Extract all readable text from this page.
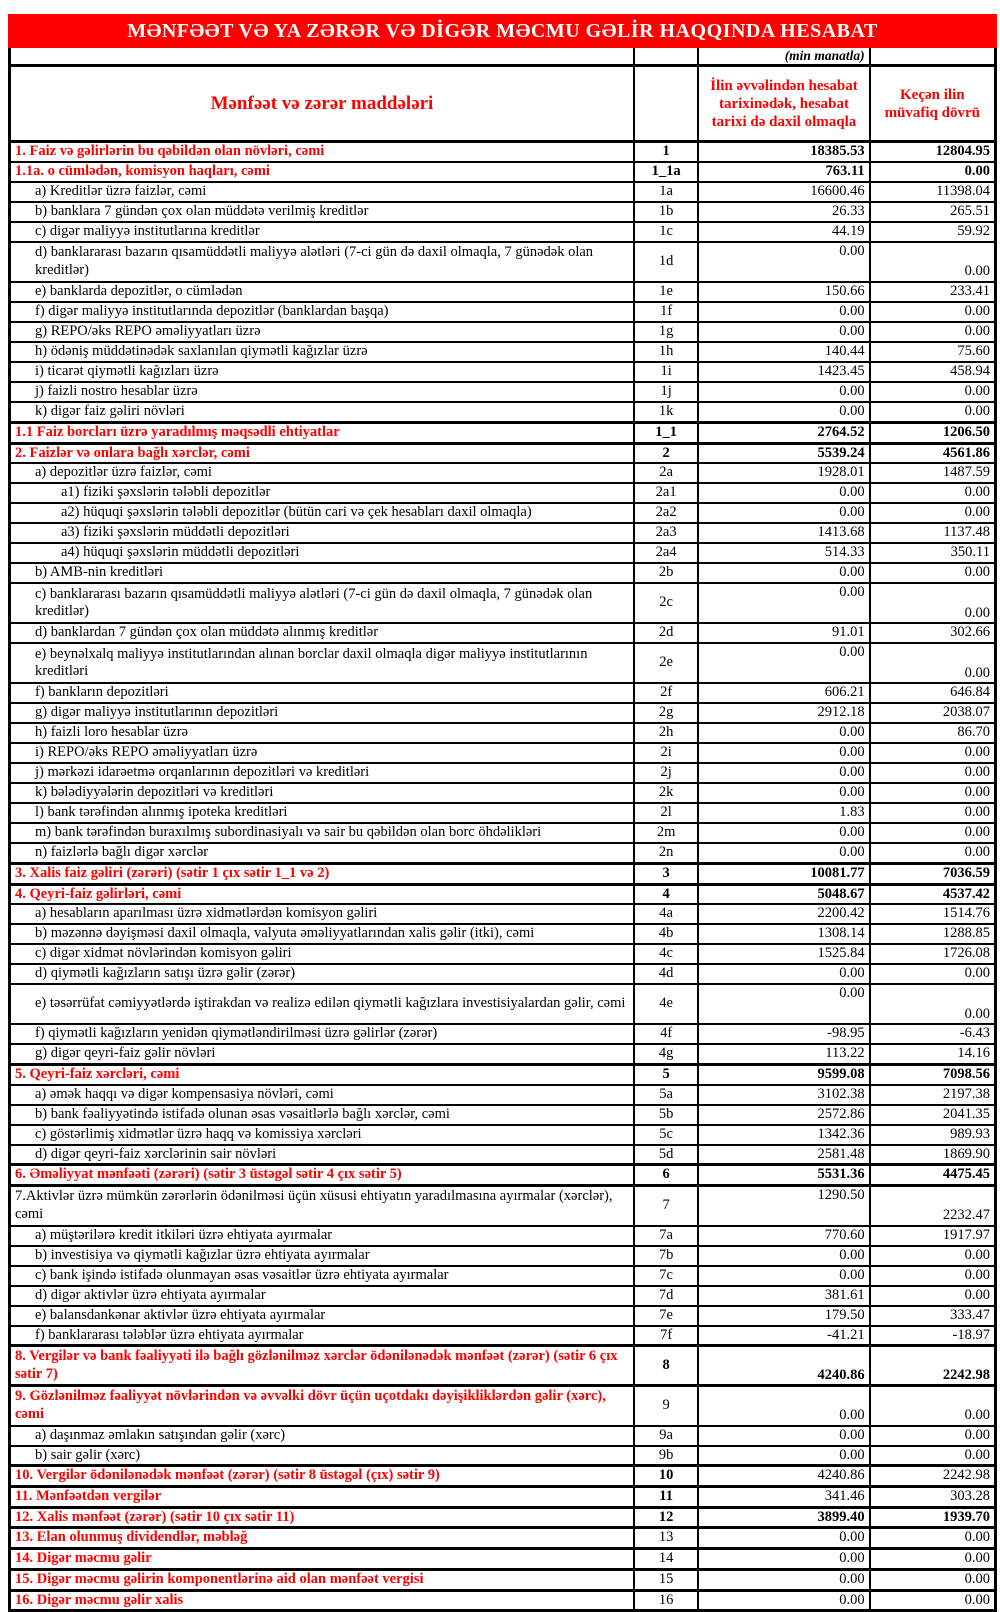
MƏNFƏƏT VƏ YA ZƏRƏR VƏ DİGƏR MƏCMU GƏLİR HAQQINDA HESABAT
		(min manatla)	
Mənfəət və zərər maddələri		İlin əvvəlindən hesabat tarixinədək, hesabat tarixi də daxil olmaqla	Keçən ilin müvafiq dövrü
1. Faiz və gəlirlərin bu qəbildən olan növləri, cəmi	1	18385.53	12804.95
1.1a. o cümlədən, komisyon haqları, cəmi	1_1a	763.11	0.00
a) Kreditlər üzrə faizlər, cəmi	1a	16600.46	11398.04
b) banklara 7 gündən çox olan müddətə verilmiş kreditlər	1b	26.33	265.51
c) digər maliyyə institutlarına kreditlər	1c	44.19	59.92
d) banklararası bazarın qısamüddətli maliyyə alətləri (7-ci gün də daxil olmaqla, 7 günədək olan kreditlər)	1d	0.00	0.00
e) banklarda depozitlər, o cümlədən	1e	150.66	233.41
f) digər maliyyə institutlarında depozitlər (banklardan başqa)	1f	0.00	0.00
g) REPO/əks REPO əməliyyatları üzrə	1g	0.00	0.00
h) ödəniş müddətinədək saxlanılan qiymətli kağızlar üzrə	1h	140.44	75.60
i) ticarət qiymətli kağızları üzrə	1i	1423.45	458.94
j) faizli nostro hesablar üzrə	1j	0.00	0.00
k) digər faiz gəliri növləri	1k	0.00	0.00
1.1 Faiz borcları üzrə yaradılmış məqsədli ehtiyatlar	1_1	2764.52	1206.50
2. Faizlər və onlara bağlı xərclər, cəmi	2	5539.24	4561.86
a) depozitlər üzrə faizlər, cəmi	2a	1928.01	1487.59
a1) fiziki şəxslərin tələbli depozitlər	2a1	0.00	0.00
a2) hüquqi şəxslərin tələbli depozitlər (bütün cari və çek hesabları daxil olmaqla)	2a2	0.00	0.00
a3) fiziki şəxslərin müddətli depozitləri	2a3	1413.68	1137.48
a4) hüquqi şəxslərin müddətli depozitləri	2a4	514.33	350.11
b) AMB-nin kreditləri	2b	0.00	0.00
c) banklararası bazarın qısamüddətli maliyyə alətləri (7-ci gün də daxil olmaqla, 7 günədək olan kreditlər)	2c	0.00	0.00
d) banklardan 7 gündən çox olan müddətə alınmış kreditlər	2d	91.01	302.66
e) beynəlxalq maliyyə institutlarından alınan borclar daxil olmaqla digər maliyyə institutlarının kreditləri	2e	0.00	0.00
f) bankların depozitləri	2f	606.21	646.84
g) digər maliyyə institutlarının depozitləri	2g	2912.18	2038.07
h) faizli loro hesablar üzrə	2h	0.00	86.70
i) REPO/əks REPO əməliyyatları üzrə	2i	0.00	0.00
j) mərkəzi idarəetmə orqanlarının depozitləri və kreditləri	2j	0.00	0.00
k) bələdiyyələrin depozitləri və kreditləri	2k	0.00	0.00
l) bank tərəfindən alınmış ipoteka kreditləri	2l	1.83	0.00
m) bank tərəfindən buraxılmış subordinasiyalı və sair bu qəbildən olan borc öhdəlikləri	2m	0.00	0.00
n) faizlərlə bağlı digər xərclər	2n	0.00	0.00
3. Xalis faiz gəliri (zərəri) (sətir 1 çıx sətir 1_1 və 2)	3	10081.77	7036.59
4. Qeyri-faiz gəlirləri, cəmi	4	5048.67	4537.42
a) hesabların aparılması üzrə xidmətlərdən komisyon gəliri	4a	2200.42	1514.76
b) məzənnə dəyişməsi daxil olmaqla, valyuta əməliyyatlarından xalis gəlir (itki), cəmi	4b	1308.14	1288.85
c) digər xidmət növlərindən komisyon gəliri	4c	1525.84	1726.08
d) qiymətli kağızların satışı üzrə gəlir (zərər)	4d	0.00	0.00
e) təsərrüfat cəmiyyətlərdə iştirakdan və realizə edilən qiymətli kağızlara investisiyalardan gəlir, cəmi	4e	0.00	0.00
f) qiymətli kağızların yenidən qiymətləndirilməsi üzrə gəlirlər (zərər)	4f	-98.95	-6.43
g) digər qeyri-faiz gəlir növləri	4g	113.22	14.16
5. Qeyri-faiz xərcləri, cəmi	5	9599.08	7098.56
a) əmək haqqı və digər kompensasiya növləri, cəmi	5a	3102.38	2197.38
b) bank fəaliyyətində istifadə olunan əsas vəsaitlərlə bağlı xərclər, cəmi	5b	2572.86	2041.35
c) göstərlimiş xidmətlər üzrə haqq və komissiya xərcləri	5c	1342.36	989.93
d) digər qeyri-faiz xərclərinin sair növləri	5d	2581.48	1869.90
6. Əməliyyat mənfəəti (zərəri) (sətir 3 üstəgəl sətir 4 çıx sətir 5)	6	5531.36	4475.45
7.Aktivlər üzrə mümkün zərərlərin ödənilməsi üçün xüsusi ehtiyatın yaradılmasına ayırmalar (xərclər), cəmi	7	1290.50	2232.47
a) müştərilərə kredit itkiləri üzrə ehtiyata ayırmalar	7a	770.60	1917.97
b) investisiya və qiymətli kağızlar üzrə ehtiyata ayırmalar	7b	0.00	0.00
c) bank işində istifadə olunmayan əsas vəsaitlər üzrə ehtiyata ayırmalar	7c	0.00	0.00
d) digər aktivlər üzrə ehtiyata ayırmalar	7d	381.61	0.00
e) balansdankənar aktivlər üzrə ehtiyata ayırmalar	7e	179.50	333.47
f) banklararası tələblər üzrə ehtiyata ayırmalar	7f	-41.21	-18.97
8. Vergilər və bank fəaliyyəti ilə bağlı gözlənilməz xərclər ödənilənədək mənfəət (zərər) (sətir 6 çıx sətir 7)	8	4240.86	2242.98
9. Gözlənilməz fəaliyyət növlərindən və əvvəlki dövr üçün uçotdakı dəyişikliklərdən gəlir (xərc), cəmi	9	0.00	0.00
a) daşınmaz əmlakın satışından gəlir (xərc)	9a	0.00	0.00
b) sair gəlir (xərc)	9b	0.00	0.00
10. Vergilər ödənilənədək mənfəət (zərər) (sətir 8 üstəgəl (çıx) sətir 9)	10	4240.86	2242.98
11. Mənfəətdən vergilər	11	341.46	303.28
12. Xalis mənfəət (zərər) (sətir 10 çıx sətir 11)	12	3899.40	1939.70
13. Elan olunmuş dividendlər, məbləğ	13	0.00	0.00
14. Digər məcmu gəlir	14	0.00	0.00
15. Digər məcmu gəlirin komponentlərinə aid olan mənfəət vergisi	15	0.00	0.00
16. Digər məcmu gəlir xalis	16	0.00	0.00
